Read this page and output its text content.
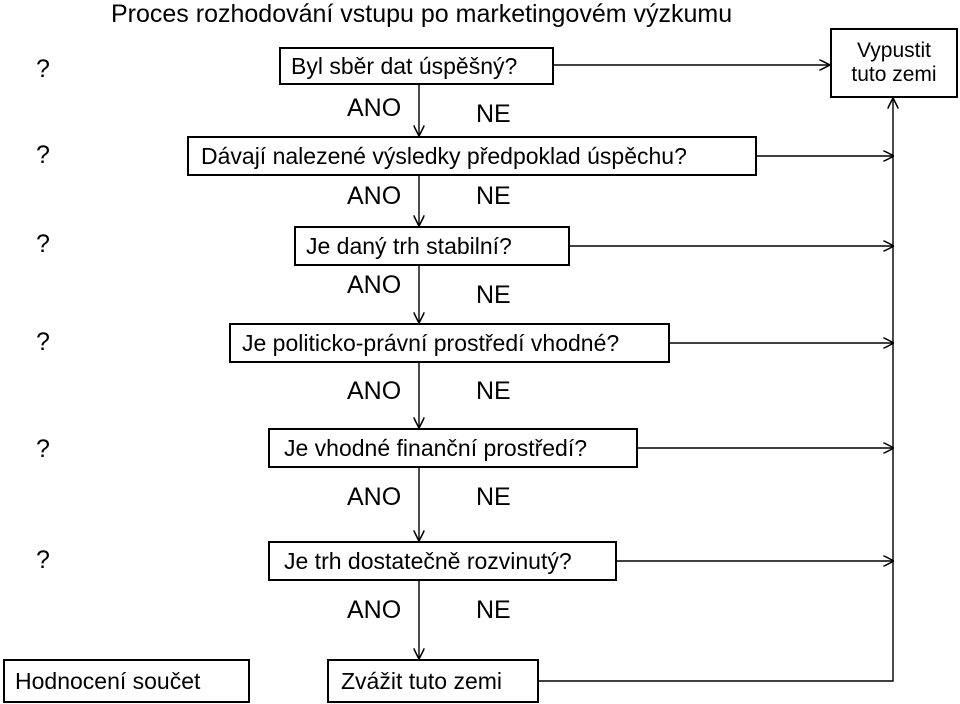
Proces rozhodování vstupu po marketingovém výzkumu
Vypustit tuto zemi
?
?
?
?
?
?
Byl sběr dat úspěšný?
Dávají nalezené výsledky předpoklad úspěchu?
Je daný trh stabilní?
Je politicko-právní prostředí vhodné?
Je vhodné finanční prostředí?
Je trh dostatečně rozvinutý?
ANO	NE
ANO	NE
ANO	NE
ANO	NE
ANO	NE
ANO	NE
Hodnocení součet	Zvážit tuto zemi
